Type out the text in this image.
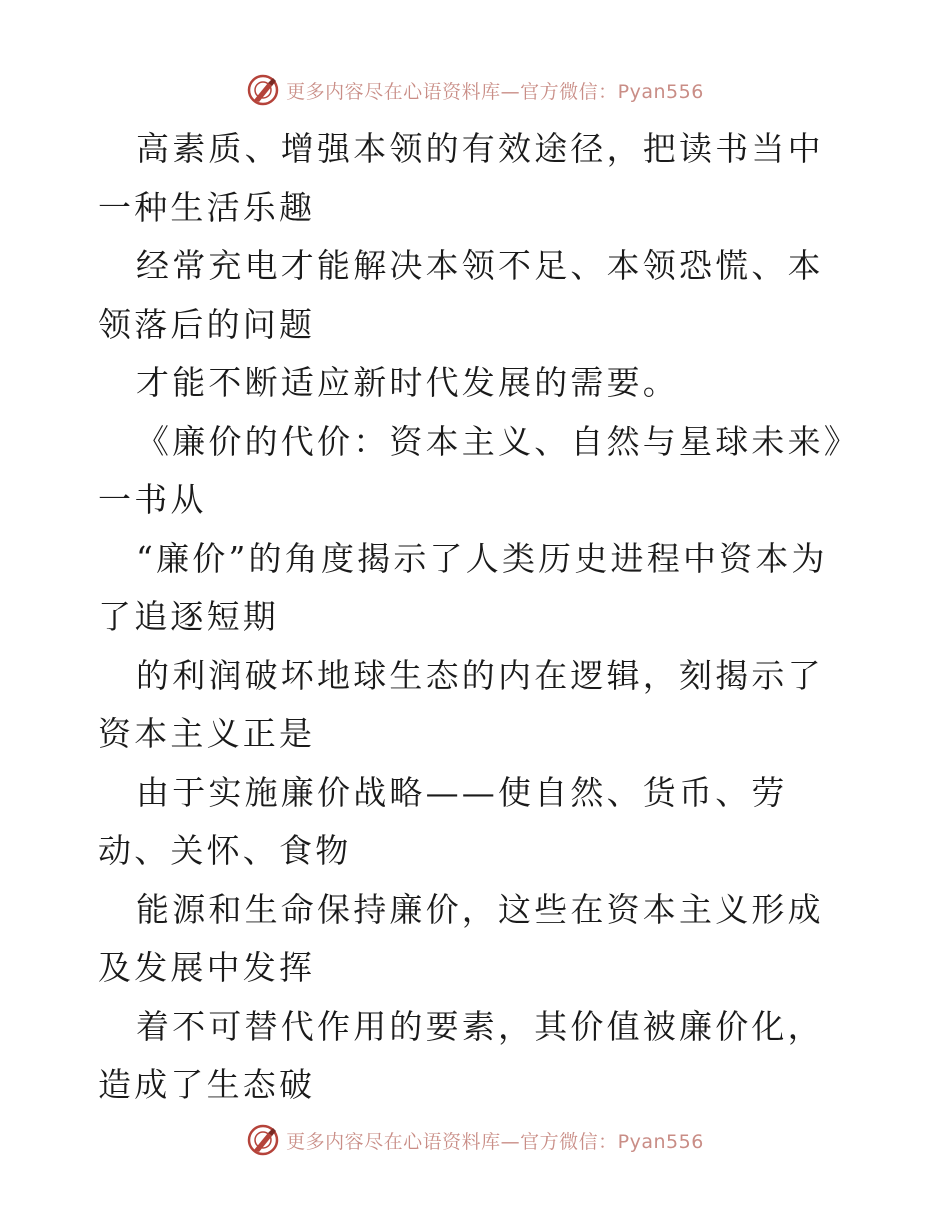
更多内容尽在心语资料库—官方微信：Pyan556

高素质、增强本领的有效途径，把读书当中一种生活乐趣

经常充电才能解决本领不足、本领恐慌、本领落后的问题

才能不断适应新时代发展的需要。

《廉价的代价：资本主义、自然与星球未来》一书从

“廉价”的角度揭示了人类历史进程中资本为了追逐短期

的利润破坏地球生态的内在逻辑，刻揭示了资本主义正是

由于实施廉价战略——使自然、货币、劳动、关怀、食物

能源和生命保持廉价，这些在资本主义形成及发展中发挥

着不可替代作用的要素，其价值被廉价化，造成了生态破

更多内容尽在心语资料库—官方微信：Pyan556
